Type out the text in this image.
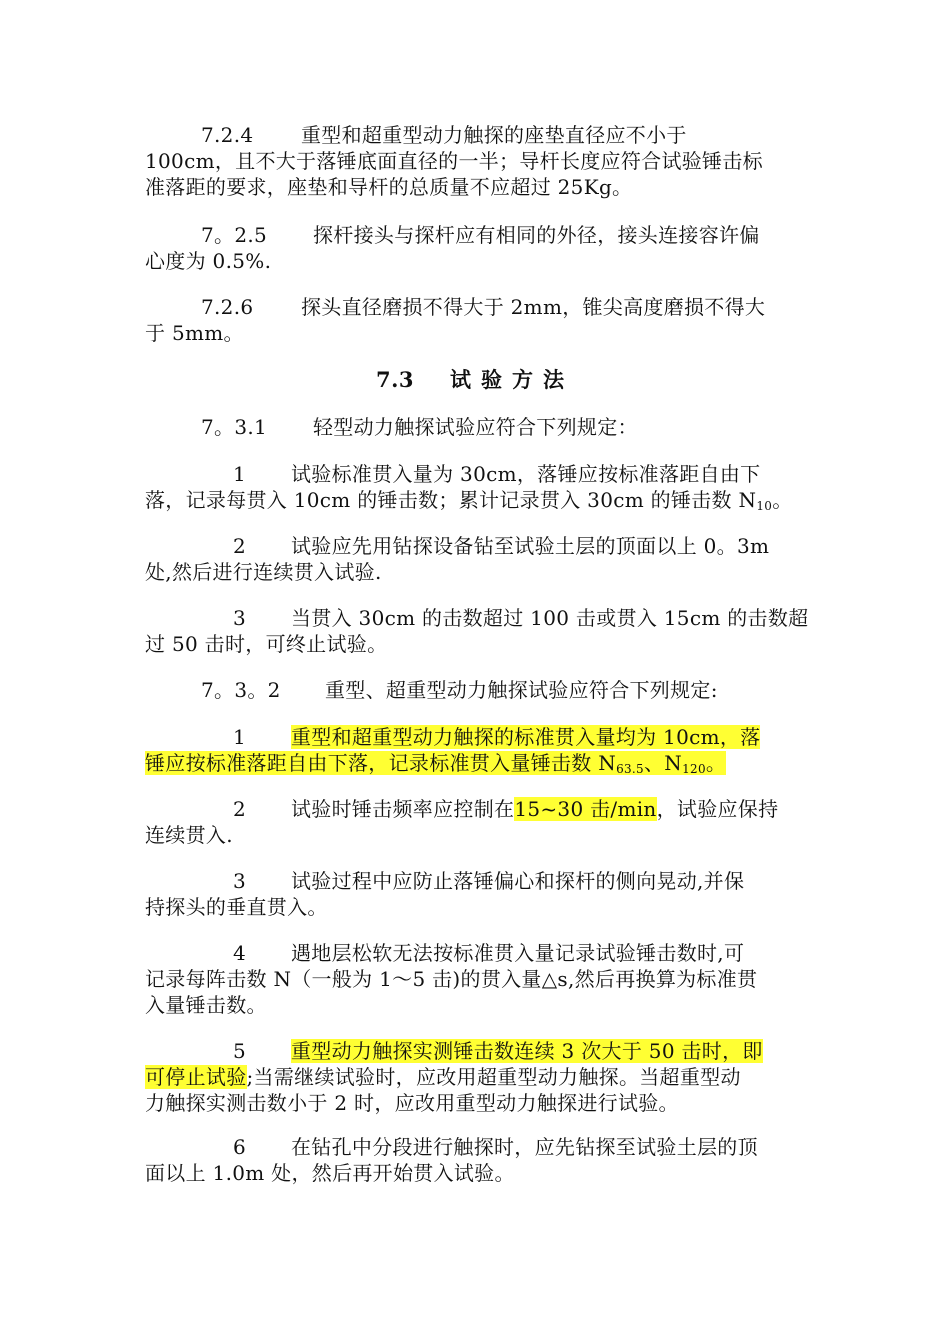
7.2.4 重型和超重型动力触探的座垫直径应不小于
100cm，且不大于落锤底面直径的一半；导杆长度应符合试验锤击标
准落距的要求，座垫和导杆的总质量不应超过 25Kg。
7。2.5 探杆接头与探杆应有相同的外径，接头连接容许偏
心度为 0.5%.
7.2.6 探头直径磨损不得大于 2mm，锥尖高度磨损不得大
于 5mm。
7.3 试验方法
7。3.1 轻型动力触探试验应符合下列规定：
1 试验标准贯入量为 30cm，落锤应按标准落距自由下
落，记录每贯入 10cm 的锤击数；累计记录贯入 30cm 的锤击数 $N_{10}$。
2 试验应先用钻探设备钻至试验土层的顶面以上 0。3m
处,然后进行连续贯入试验.
3 当贯入 30cm 的击数超过 100 击或贯入 15cm 的击数超
过 50 击时，可终止试验。
7。3。2 重型、超重型动力触探试验应符合下列规定:
1 重型和超重型动力触探的标准贯入量均为 10cm，落
锤应按标准落距自由下落，记录标准贯入量锤击数 $N_{63.5}$、$N_{120}$。
2 试验时锤击频率应控制在15~30 击/min，试验应保持
连续贯入.
3 试验过程中应防止落锤偏心和探杆的侧向晃动,并保
持探头的垂直贯入。
4 遇地层松软无法按标准贯入量记录试验锤击数时,可
记录每阵击数 N（一般为 1～5 击)的贯入量△s,然后再换算为标准贯
入量锤击数。
5 重型动力触探实测锤击数连续 3 次大于 50 击时，即
可停止试验;当需继续试验时，应改用超重型动力触探。当超重型动
力触探实测击数小于 2 时，应改用重型动力触探进行试验。
6 在钻孔中分段进行触探时，应先钻探至试验土层的顶
面以上 1.0m 处，然后再开始贯入试验。
